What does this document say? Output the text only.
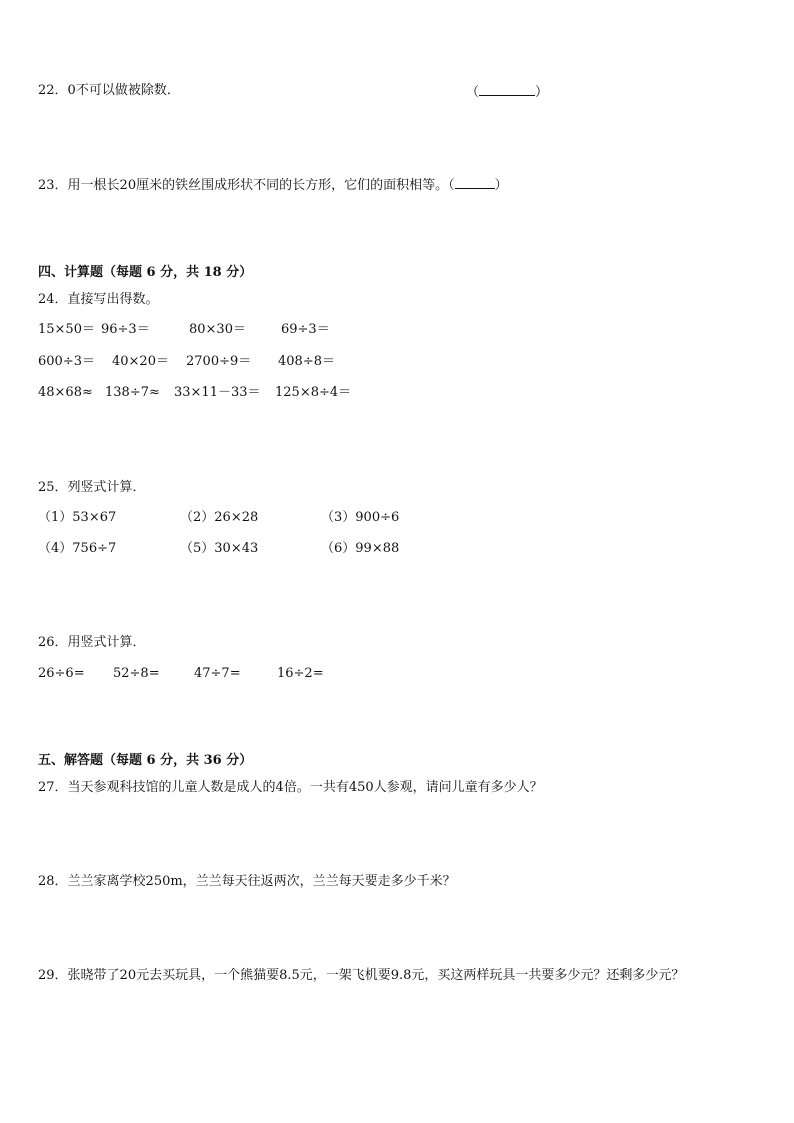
22．0不可以做被除数．	（	）
23．用一根长20厘米的铁丝围成形状不同的长方形，它们的面积相等。（	）
四、计算题（每题 6 分，共 18 分）
24．直接写出得数。
15×50＝ 96÷3＝	80×30＝	69÷3＝
600÷3＝ 40×20＝ 2700÷9＝ 408÷8＝
48×68≈ 138÷7≈ 33×11－33＝ 125×8÷4＝
25．列竖式计算．
（1）53×67	（2）26×28	（3）900÷6
（4）756÷7	（5）30×43	（6）99×88
26．用竖式计算．
26÷6= 52÷8=	47÷7=	16÷2=
五、解答题（每题 6 分，共 36 分）
27．当天参观科技馆的儿童人数是成人的4倍。一共有450人参观，请问儿童有多少人？
28．兰兰家离学校250m，兰兰每天往返两次，兰兰每天要走多少千米？
29．张晓带了20元去买玩具，一个熊猫要8.5元，一架飞机要9.8元，买这两样玩具一共要多少元？还剩多少元？
